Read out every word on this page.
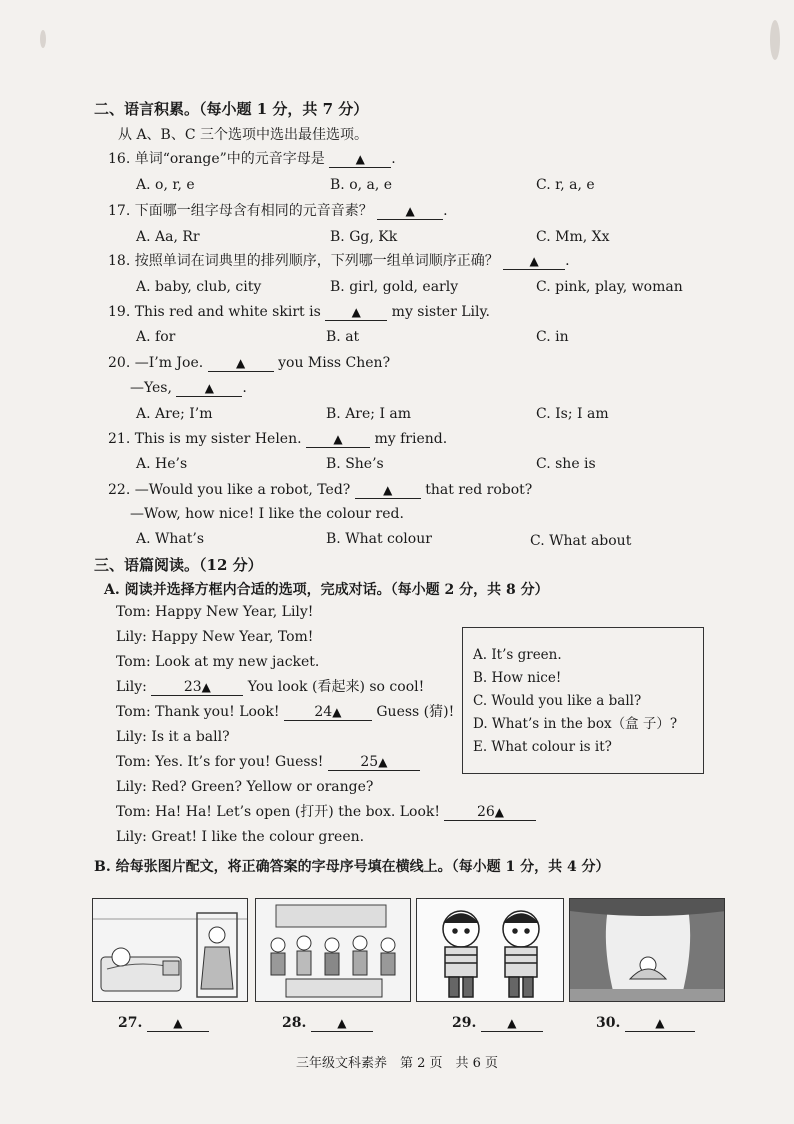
二、语言积累。（每小题 1 分，共 7 分）
从 A、B、C 三个选项中选出最佳选项。
16. 单词“orange”中的元音字母是	▲ .
A. o, r, e	B. o, a, e	C. r, a, e
17. 下面哪一组字母含有相同的元音音素？	▲ .
A. Aa, Rr	B. Gg, Kk	C. Mm, Xx
18. 按照单词在词典里的排列顺序，下列哪一组单词顺序正确？	▲ .
A. baby, club, city	B. girl, gold, early	C. pink, play, woman
19. This red and white skirt is	▲ my sister Lily.
A. for	B. at	C. in
20. —I’m Joe.	▲ you Miss Chen?
—Yes,	▲ .
A. Are; I’m	B. Are; I am	C. Is; I am
21. This is my sister Helen.	▲ my friend.
A. He’s	B. She’s	C. she is
22. —Would you like a robot, Ted?	▲ that red robot?
—Wow, how nice! I like the colour red.
A. What’s	B. What colour	C. What about
三、语篇阅读。（12 分）
A. 阅读并选择方框内合适的选项，完成对话。（每小题 2 分，共 8 分）
Tom: Happy New Year, Lily!
Lily: Happy New Year, Tom!
Tom: Look at my new jacket.
Lily:	23▲	You look (看起来) so cool!
Tom: Thank you! Look! 24▲ Guess (猜)!
Lily: Is it a ball?
Tom: Yes. It’s for you! Guess!	25▲
Lily: Red? Green? Yellow or orange?
Tom: Ha! Ha! Let’s open (打开) the box. Look!	26▲
Lily: Great! I like the colour green.
A. It’s green.
B. How nice!
C. Would you like a ball?
D. What’s in the box（盒 子）?
E. What colour is it?
B. 给每张图片配文，将正确答案的字母序号填在横线上。（每小题 1 分，共 4 分）
27.	▲	28.	▲	29.	▲	30.	▲
三年级文科素养　第 2 页　共 6 页
